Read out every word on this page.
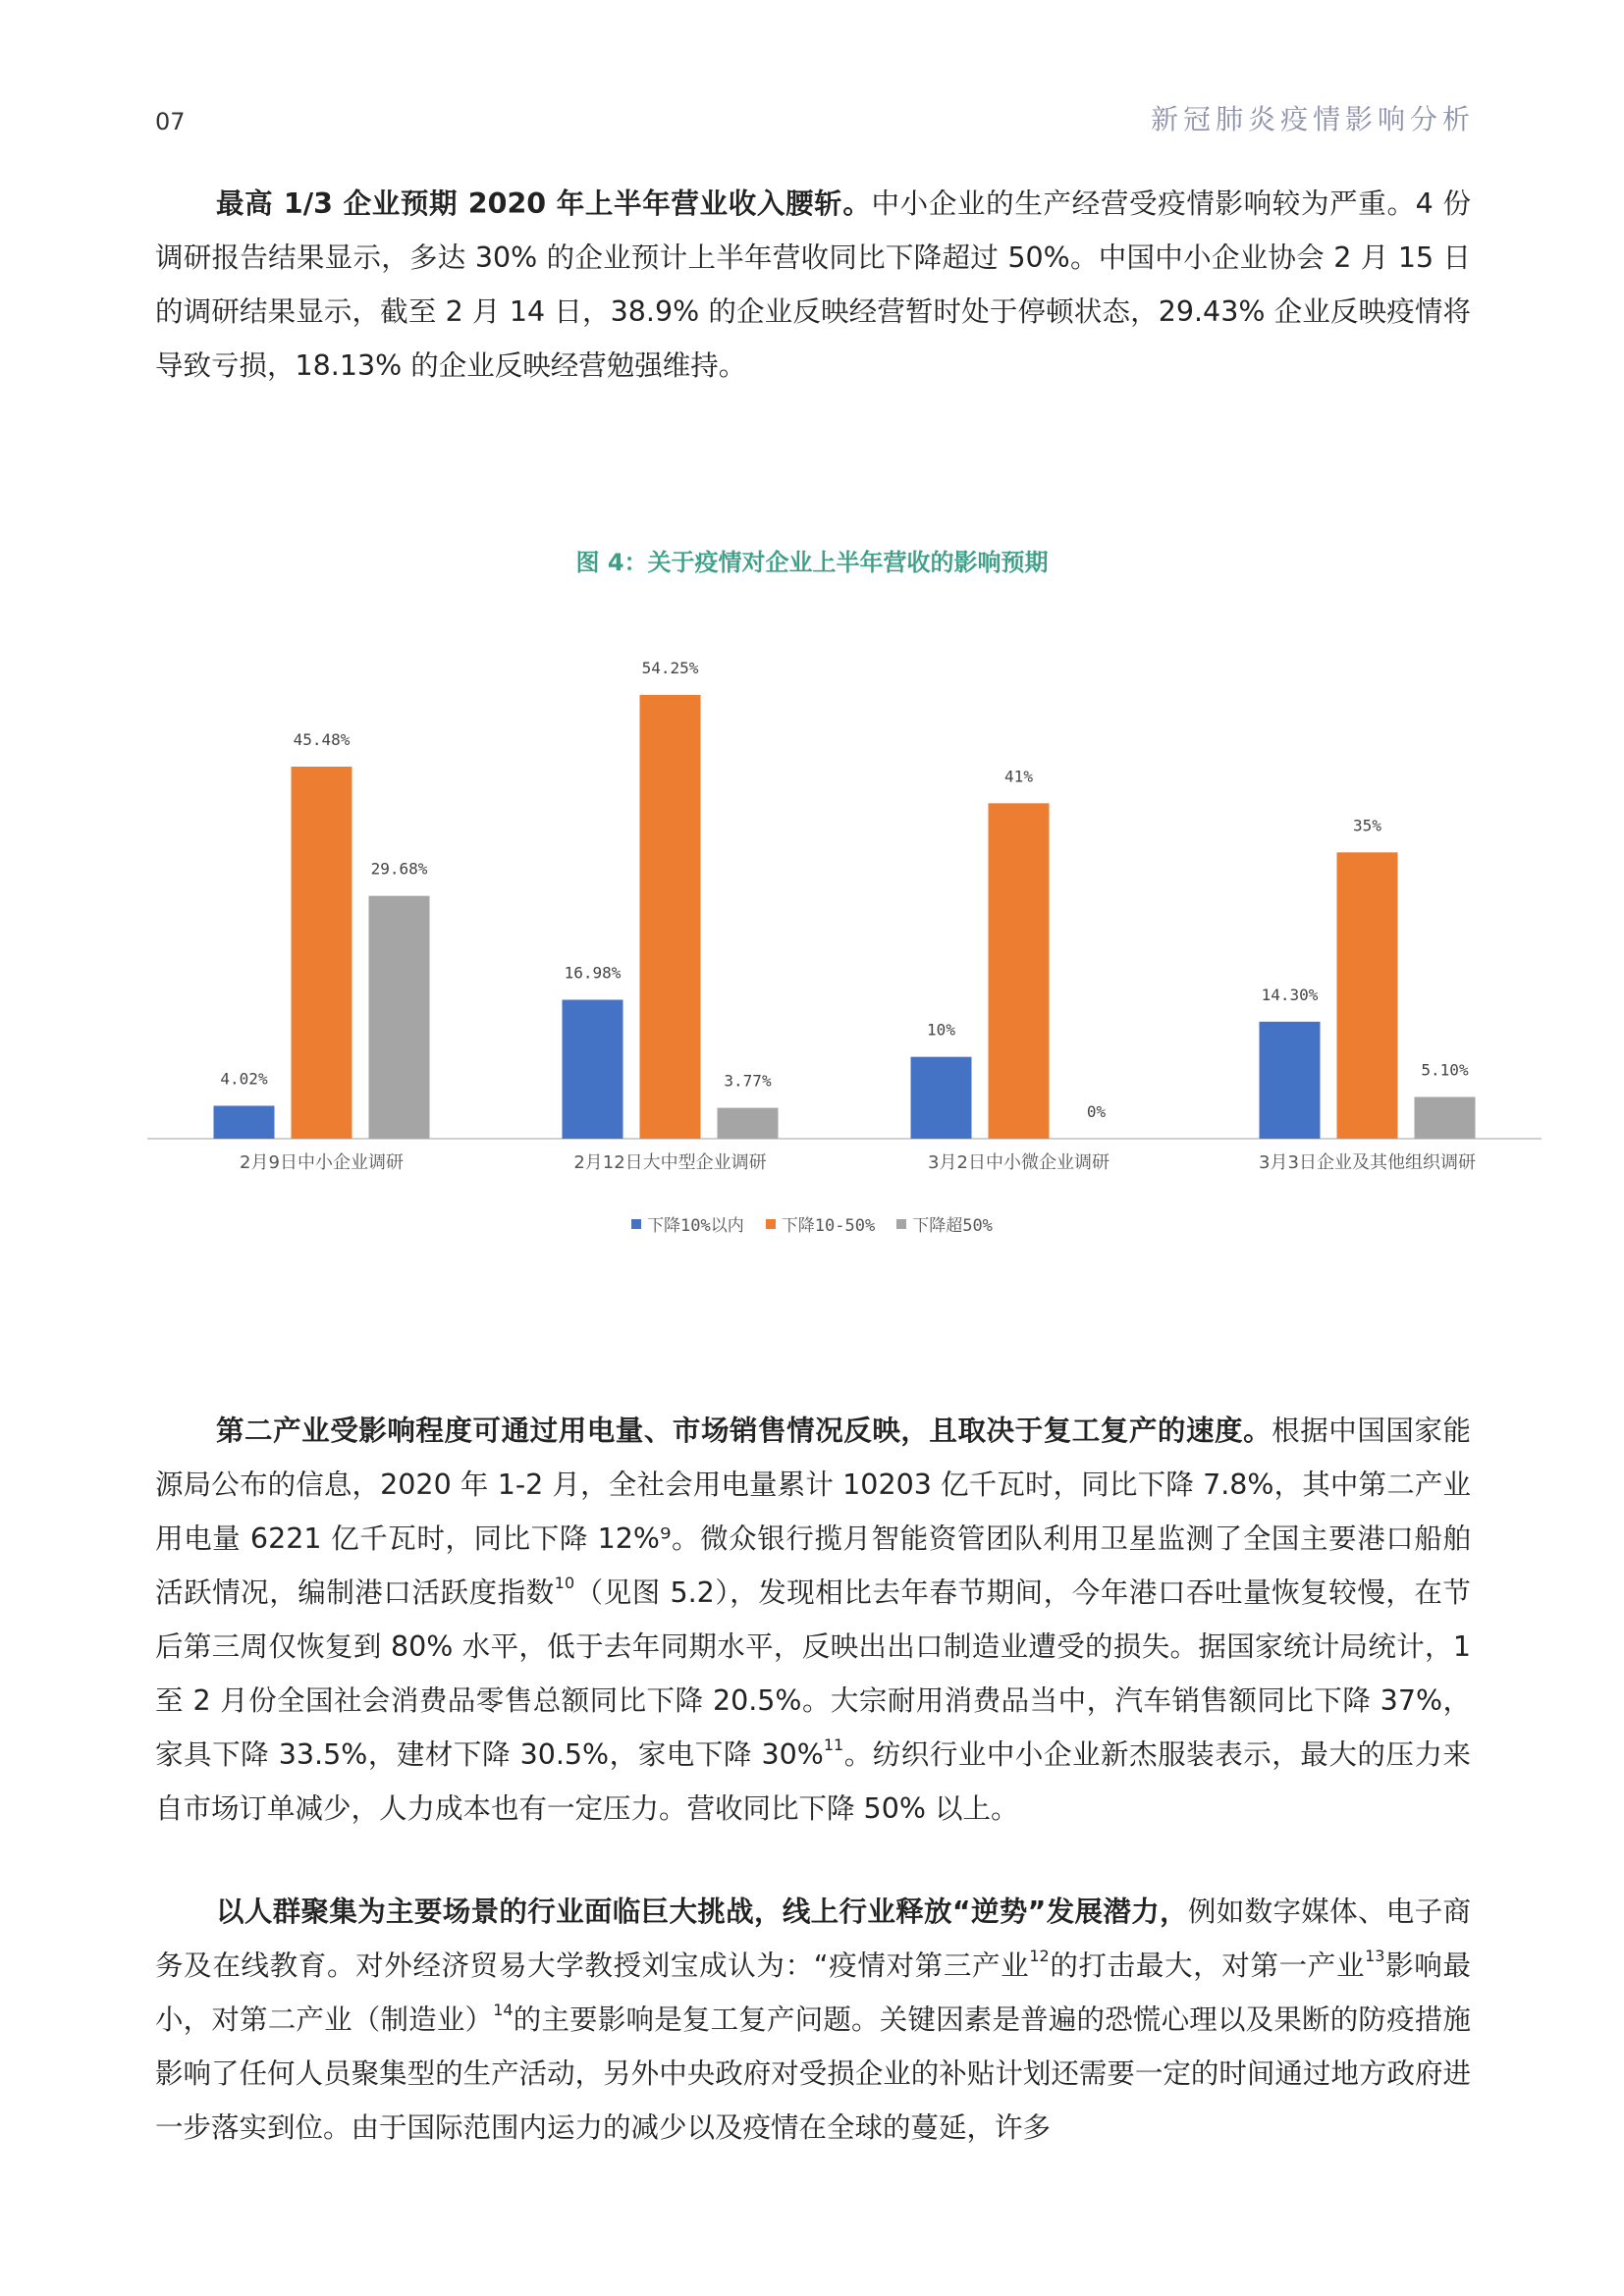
07	新冠肺炎疫情影响分析

最高 1/3 企业预期 2020 年上半年营业收入腰斩。中小企业的生产经营受疫情影响较为严重。4 份调研报告结果显示，多达 30% 的企业预计上半年营收同比下降超过 50%。中国中小企业协会 2 月 15 日的调研结果显示，截至 2 月 14 日，38.9% 的企业反映经营暂时处于停顿状态，29.43% 企业反映疫情将导致亏损，18.13% 的企业反映经营勉强维持。

图 4：关于疫情对企业上半年营收的影响预期
4.02%
45.48%
29.68%
2月9日中小企业调研
16.98%
54.25%
3.77%
2月12日大中型企业调研
10%
41%
0%
3月2日中小微企业调研
14.30%
35%
5.10%
3月3日企业及其他组织调研
下降10%以内 下降10-50% 下降超50%

第二产业受影响程度可通过用电量、市场销售情况反映，且取决于复工复产的速度。根据中国国家能源局公布的信息，2020 年 1-2 月，全社会用电量累计 10203 亿千瓦时，同比下降 7.8%，其中第二产业用电量 6221 亿千瓦时，同比下降 12%⁹。微众银行揽月智能资管团队利用卫星监测了全国主要港口船舶活跃情况，编制港口活跃度指数$^{10}$（见图 5.2），发现相比去年春节期间，今年港口吞吐量恢复较慢，在节后第三周仅恢复到 80% 水平，低于去年同期水平，反映出出口制造业遭受的损失。据国家统计局统计，1 至 2 月份全国社会消费品零售总额同比下降 20.5%。大宗耐用消费品当中，汽车销售额同比下降 37%，家具下降 33.5%，建材下降 30.5%，家电下降 30%$^{11}$。纺织行业中小企业新杰服装表示，最大的压力来自市场订单减少，人力成本也有一定压力。营收同比下降 50% 以上。

以人群聚集为主要场景的行业面临巨大挑战，线上行业释放“逆势”发展潜力，例如数字媒体、电子商务及在线教育。对外经济贸易大学教授刘宝成认为：“疫情对第三产业$^{12}$的打击最大，对第一产业$^{13}$影响最小，对第二产业（制造业）$^{14}$的主要影响是复工复产问题。关键因素是普遍的恐慌心理以及果断的防疫措施影响了任何人员聚集型的生产活动，另外中央政府对受损企业的补贴计划还需要一定的时间通过地方政府进一步落实到位。由于国际范围内运力的减少以及疫情在全球的蔓延，许多
